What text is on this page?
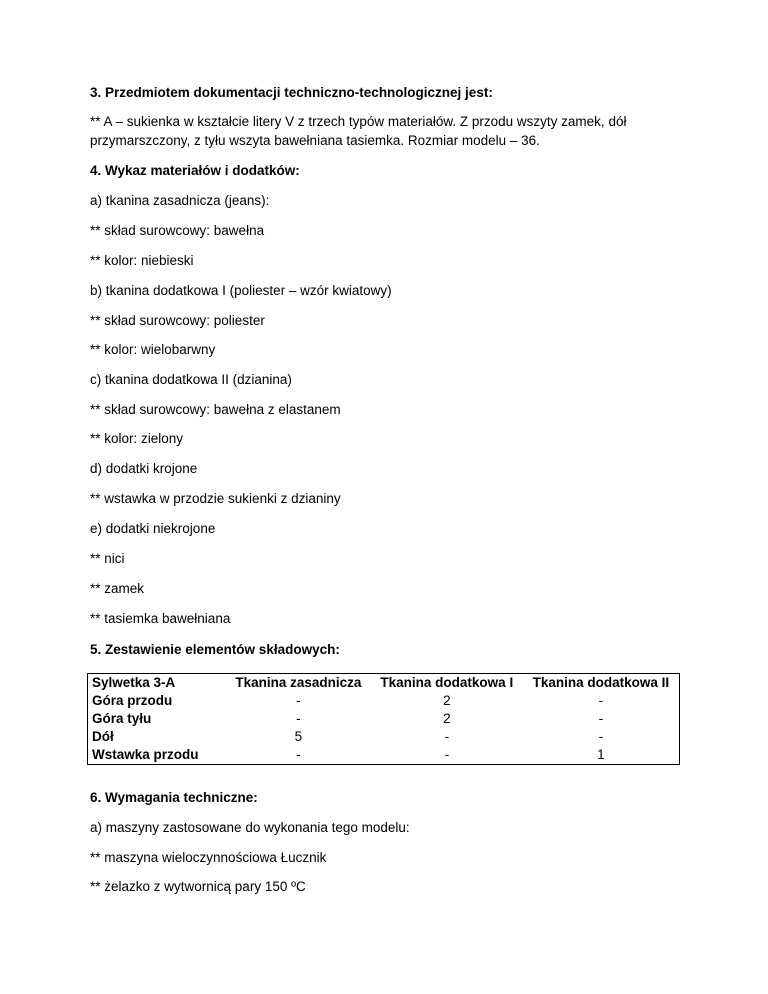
3. Przedmiotem dokumentacji techniczno-technologicznej jest:
** A – sukienka w kształcie litery V z trzech typów materiałów. Z przodu wszyty zamek, dół
przymarszczony, z tyłu wszyta bawełniana tasiemka. Rozmiar modelu – 36.
4. Wykaz materiałów i dodatków:
a) tkanina zasadnicza (jeans):
** skład surowcowy: bawełna
** kolor: niebieski
b) tkanina dodatkowa I (poliester – wzór kwiatowy)
** skład surowcowy: poliester
** kolor: wielobarwny
c) tkanina dodatkowa II (dzianina)
** skład surowcowy: bawełna z elastanem
** kolor: zielony
d) dodatki krojone
** wstawka w przodzie sukienki z dzianiny
e) dodatki niekrojone
** nici
** zamek
** tasiemka bawełniana
5. Zestawienie elementów składowych:
Sylwetka 3-A	Tkanina zasadnicza	Tkanina dodatkowa I	Tkanina dodatkowa II
Góra przodu	-	2	-
Góra tyłu	-	2	-
Dół	5	-	-
Wstawka przodu	-	-	1
6. Wymagania techniczne:
a) maszyny zastosowane do wykonania tego modelu:
** maszyna wieloczynnościowa Łucznik
** żelazko z wytwornicą pary 150 ºC
